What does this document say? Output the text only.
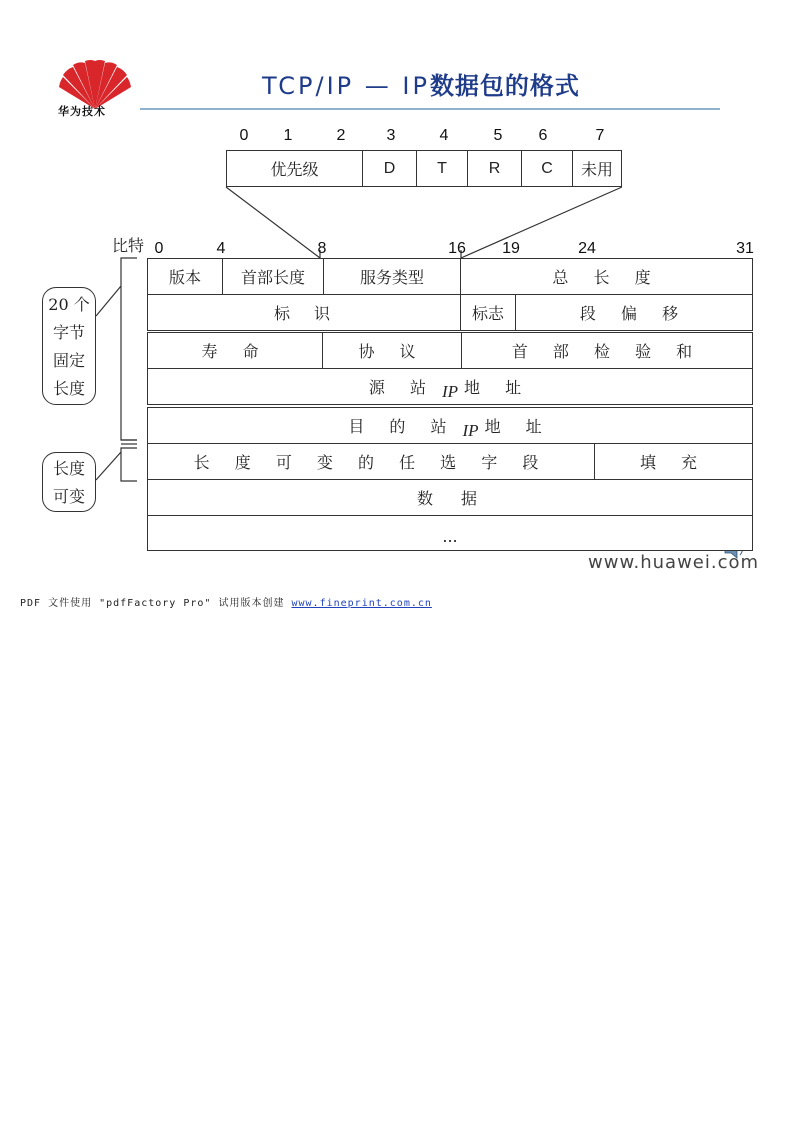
华为技术
TCP/IP — IP数据包的格式
0	1	2	3	4	5	6	7
优先级	D	T	R	C	未用
比特 0	4	8	16	19	24	31
版本	首部长度	服务类型	总 长 度
标　识	标志	段 偏 移
寿 命	协 议	首 部 检 验 和
源 站 IP 地 址
目 的 站 IP 地 址
长 度 可 变 的 任 选 字 段	填 充
数　据
...
20 个
字节
固定
长度
长度
可变
www.huawei.com
PDF 文件使用 "pdfFactory Pro" 试用版本创建 www.fineprint.com.cn
